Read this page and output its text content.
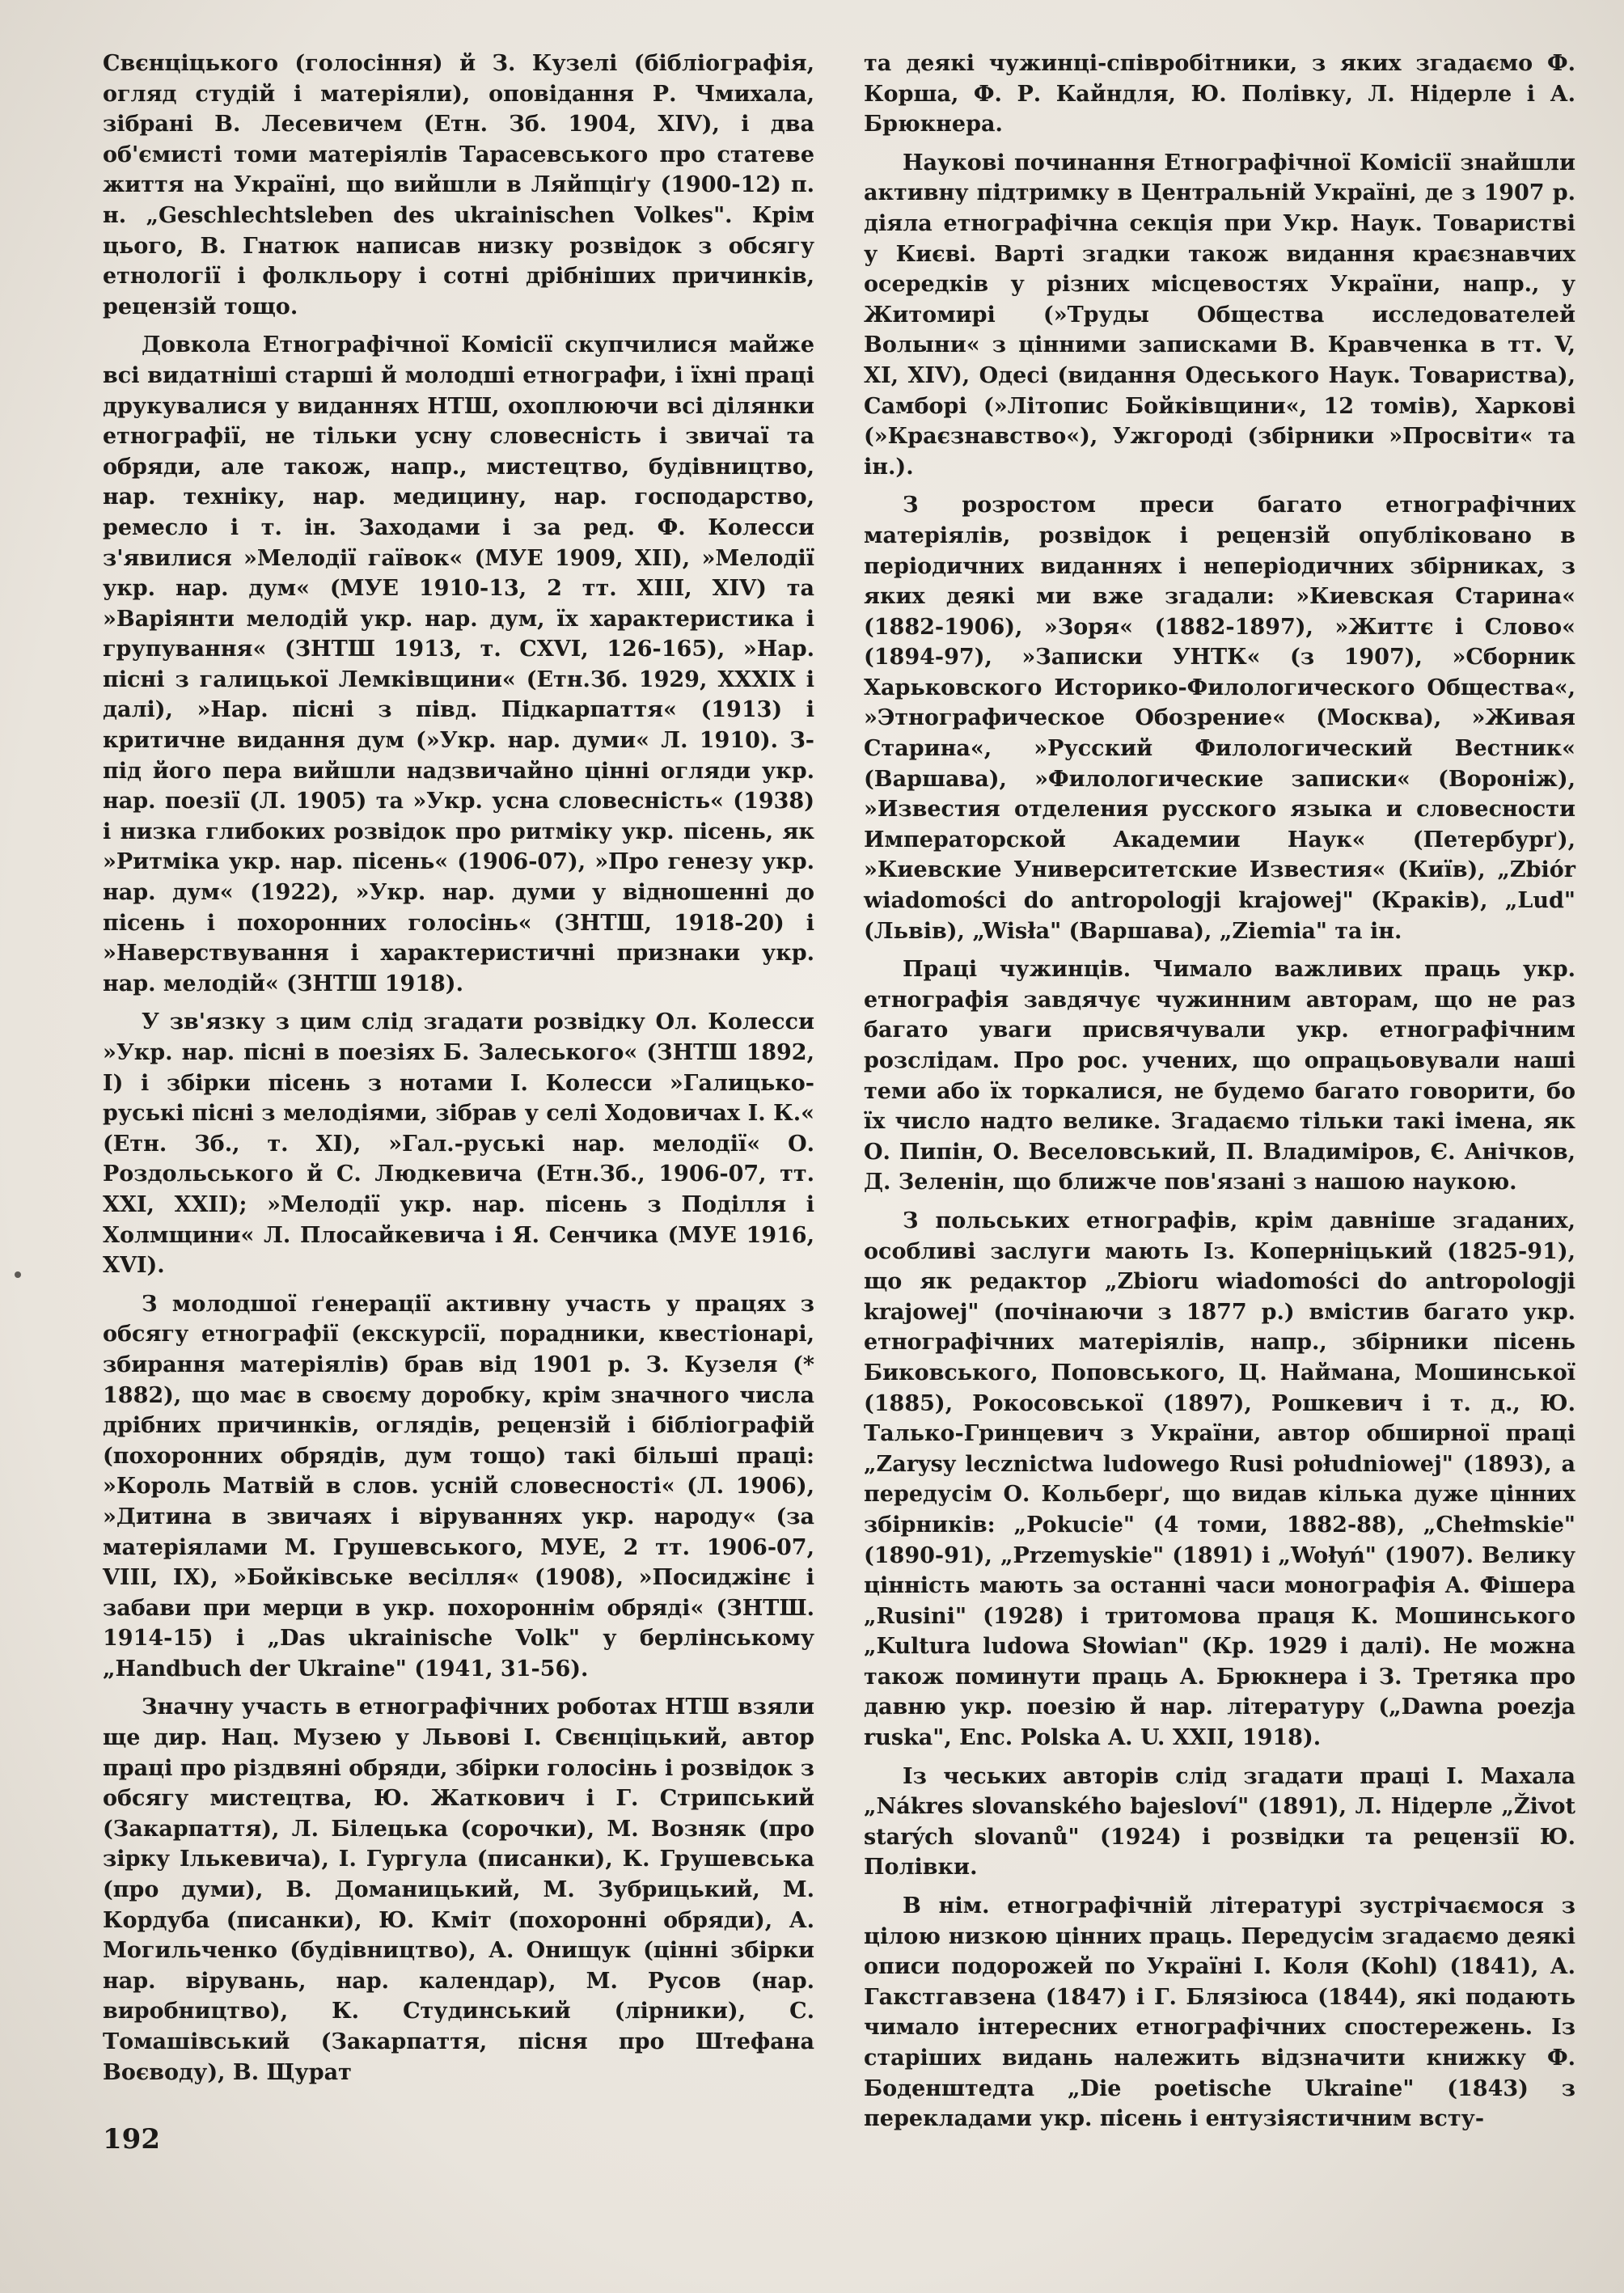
Свєнціцького (голосіння) й З. Кузелі (бібліографія, огляд студій і матеріяли), оповідання Р. Чмихала, зібрані В. Лесевичем (Етн. Зб. 1904, XIV), і два об'ємисті томи матеріялів Тарасевського про статеве життя на Україні, що вийшли в Ляйпціґу (1900-12) п. н. „Geschlechtsleben des ukrainischen Volkes". Крім цього, В. Гнатюк написав низку розвідок з обсягу етнології і фолкльору і сотні дрібніших причинків, рецензій тощо.

Довкола Етнографічної Комісії скупчилися майже всі видатніші старші й молодші етнографи, і їхні праці друкувалися у виданнях НТШ, охоплюючи всі ділянки етнографії, не тільки усну словесність і звичаї та обряди, але також, напр., мистецтво, будівництво, нар. техніку, нар. медицину, нар. господарство, ремесло і т. ін. Заходами і за ред. Ф. Колесси з'явилися »Мелодії гаївок« (МУЕ 1909, XII), »Мелодії укр. нар. дум« (МУЕ 1910-13, 2 тт. XIII, XIV) та »Варіянти мелодій укр. нар. дум, їх характеристика і групування« (ЗНТШ 1913, т. CXVI, 126-165), »Нар. пісні з галицької Лемківщини« (Етн.Зб. 1929, XXXIX і далі), »Нар. пісні з півд. Підкарпаття« (1913) і критичне видання дум (»Укр. нар. думи« Л. 1910). З-під його пера вийшли надзвичайно цінні огляди укр. нар. поезії (Л. 1905) та »Укр. усна словесність« (1938) і низка глибоких розвідок про ритміку укр. пісень, як »Ритміка укр. нар. пісень« (1906-07), »Про генезу укр. нар. дум« (1922), »Укр. нар. думи у відношенні до пісень і похоронних голосінь« (ЗНТШ, 1918-20) і »Наверствування і характеристичні признаки укр. нар. мелодій« (ЗНТШ 1918).

У зв'язку з цим слід згадати розвідку Ол. Колесси »Укр. нар. пісні в поезіях Б. Залеського« (ЗНТШ 1892, I) і збірки пісень з нотами І. Колесси »Галицько-руські пісні з мелодіями, зібрав у селі Ходовичах І. К.« (Етн. Зб., т. XI), »Гал.-руські нар. мелодії« О. Роздольського й С. Людкевича (Етн.Зб., 1906-07, тт. XXI, XXII); »Мелодії укр. нар. пісень з Поділля і Холмщини« Л. Плосайкевича і Я. Сенчика (МУЕ 1916, XVI).

З молодшої ґенерації активну участь у працях з обсягу етнографії (екскурсії, порадники, квестіонарі, збирання матеріялів) брав від 1901 р. З. Кузеля (* 1882), що має в своєму доробку, крім значного числа дрібних причинків, оглядів, рецензій і бібліографій (похоронних обрядів, дум тощо) такі більші праці: »Король Матвій в слов. усній словесності« (Л. 1906), »Дитина в звичаях і віруваннях укр. народу« (за матеріялами М. Грушевського, МУЕ, 2 тт. 1906-07, VIII, IX), »Бойківське весілля« (1908), »Посиджінє і забави при мерци в укр. похороннім обряді« (ЗНТШ. 1914-15) і „Das ukrainische Volk" у берлінському „Handbuch der Ukraine" (1941, 31-56).

Значну участь в етнографічних роботах НТШ взяли ще дир. Нац. Музею у Львові І. Свєнціцький, автор праці про різдвяні обряди, збірки голосінь і розвідок з обсягу мистецтва, Ю. Жаткович і Г. Стрипський (Закарпаття), Л. Білецька (сорочки), М. Возняк (про зірку Ількевича), І. Гургула (писанки), К. Грушевська (про думи), В. Доманицький, М. Зубрицький, М. Кордуба (писанки), Ю. Кміт (похоронні обряди), А. Могильченко (будівництво), А. Онищук (цінні збірки нар. вірувань, нар. календар), М. Русов (нар. виробництво), К. Студинський (лірники), С. Томашівський (Закарпаття, пісня про Штефана Воєводу), В. Щурат

та деякі чужинці-співробітники, з яких згадаємо Ф. Корша, Ф. Р. Кайндля, Ю. Полівку, Л. Нідерле і А. Брюкнера.

Наукові починання Етнографічної Комісії знайшли активну підтримку в Центральній Україні, де з 1907 р. діяла етнографічна секція при Укр. Наук. Товаристві у Києві. Варті згадки також видання краєзнавчих осередків у різних місцевостях України, напр., у Житомирі (»Труды Общества исследователей Волыни« з цінними записками В. Кравченка в тт. V, XI, XIV), Одесі (видання Одеського Наук. Товариства), Самборі (»Літопис Бойківщини«, 12 томів), Харкові (»Краєзнавство«), Ужгороді (збірники »Просвіти« та ін.).

З розростом преси багато етнографічних матеріялів, розвідок і рецензій опубліковано в періодичних виданнях і неперіодичних збірниках, з яких деякі ми вже згадали: »Киевская Старина« (1882-1906), »Зоря« (1882-1897), »Життє і Слово« (1894-97), »Записки УНТК« (з 1907), »Сборник Харьковского Историко-Филологического Общества«, »Этнографическое Обозрение« (Москва), »Живая Старина«, »Русский Филологический Вестник« (Варшава), »Филологические записки« (Вороніж), »Известия отделения русского языка и словесности Императорской Академии Наук« (Петербурґ), »Киевские Университетские Известия« (Київ), „Zbiór wiadomości do antropologji krajowej" (Краків), „Lud" (Львів), „Wisła" (Варшава), „Ziemia" та ін.

Праці чужинців. Чимало важливих праць укр. етнографія завдячує чужинним авторам, що не раз багато уваги присвячували укр. етнографічним розслідам. Про рос. учених, що опрацьовували наші теми або їх торкалися, не будемо багато говорити, бо їх число надто велике. Згадаємо тільки такі імена, як О. Пипін, О. Веселовський, П. Владиміров, Є. Анічков, Д. Зеленін, що ближче пов'язані з нашою наукою.

З польських етнографів, крім давніше згаданих, особливі заслуги мають Із. Коперніцький (1825-91), що як редактор „Zbioru wiadomości do antropologji krajowej" (почінаючи з 1877 р.) вмістив багато укр. етнографічних матеріялів, напр., збірники пісень Биковського, Поповського, Ц. Наймана, Мошинської (1885), Рокосовської (1897), Рошкевич і т. д., Ю. Талько-Гринцевич з України, автор обширної праці „Zarysy lecznictwa ludowego Rusi południowej" (1893), а передусім О. Кольберґ, що видав кілька дуже цінних збірників: „Pokucie" (4 томи, 1882-88), „Chełmskie" (1890-91), „Przemyskie" (1891) і „Wołyń" (1907). Велику цінність мають за останні часи монографія А. Фішера „Rusini" (1928) і тритомова праця К. Мошинського „Kultura ludowa Słowian" (Кр. 1929 і далі). Не можна також поминути праць А. Брюкнера і З. Третяка про давню укр. поезію й нар. літературу („Dawna poezja ruska", Enc. Polska A. U. XXII, 1918).

Із чеських авторів слід згадати праці І. Махала „Nákres slovanského bajesloví" (1891), Л. Нідерле „Život starých slovanů" (1924) і розвідки та рецензії Ю. Полівки.

В нім. етнографічній літературі зустрічаємося з цілою низкою цінних праць. Передусім згадаємо деякі описи подорожей по Україні І. Коля (Kohl) (1841), А. Гакстгавзена (1847) і Г. Блязіюса (1844), які подають чимало інтересних етнографічних спостережень. Із старіших видань належить відзначити книжку Ф. Боденштедта „Die poetische Ukraine" (1843) з перекладами укр. пісень і ентузіястичним всту-

192
